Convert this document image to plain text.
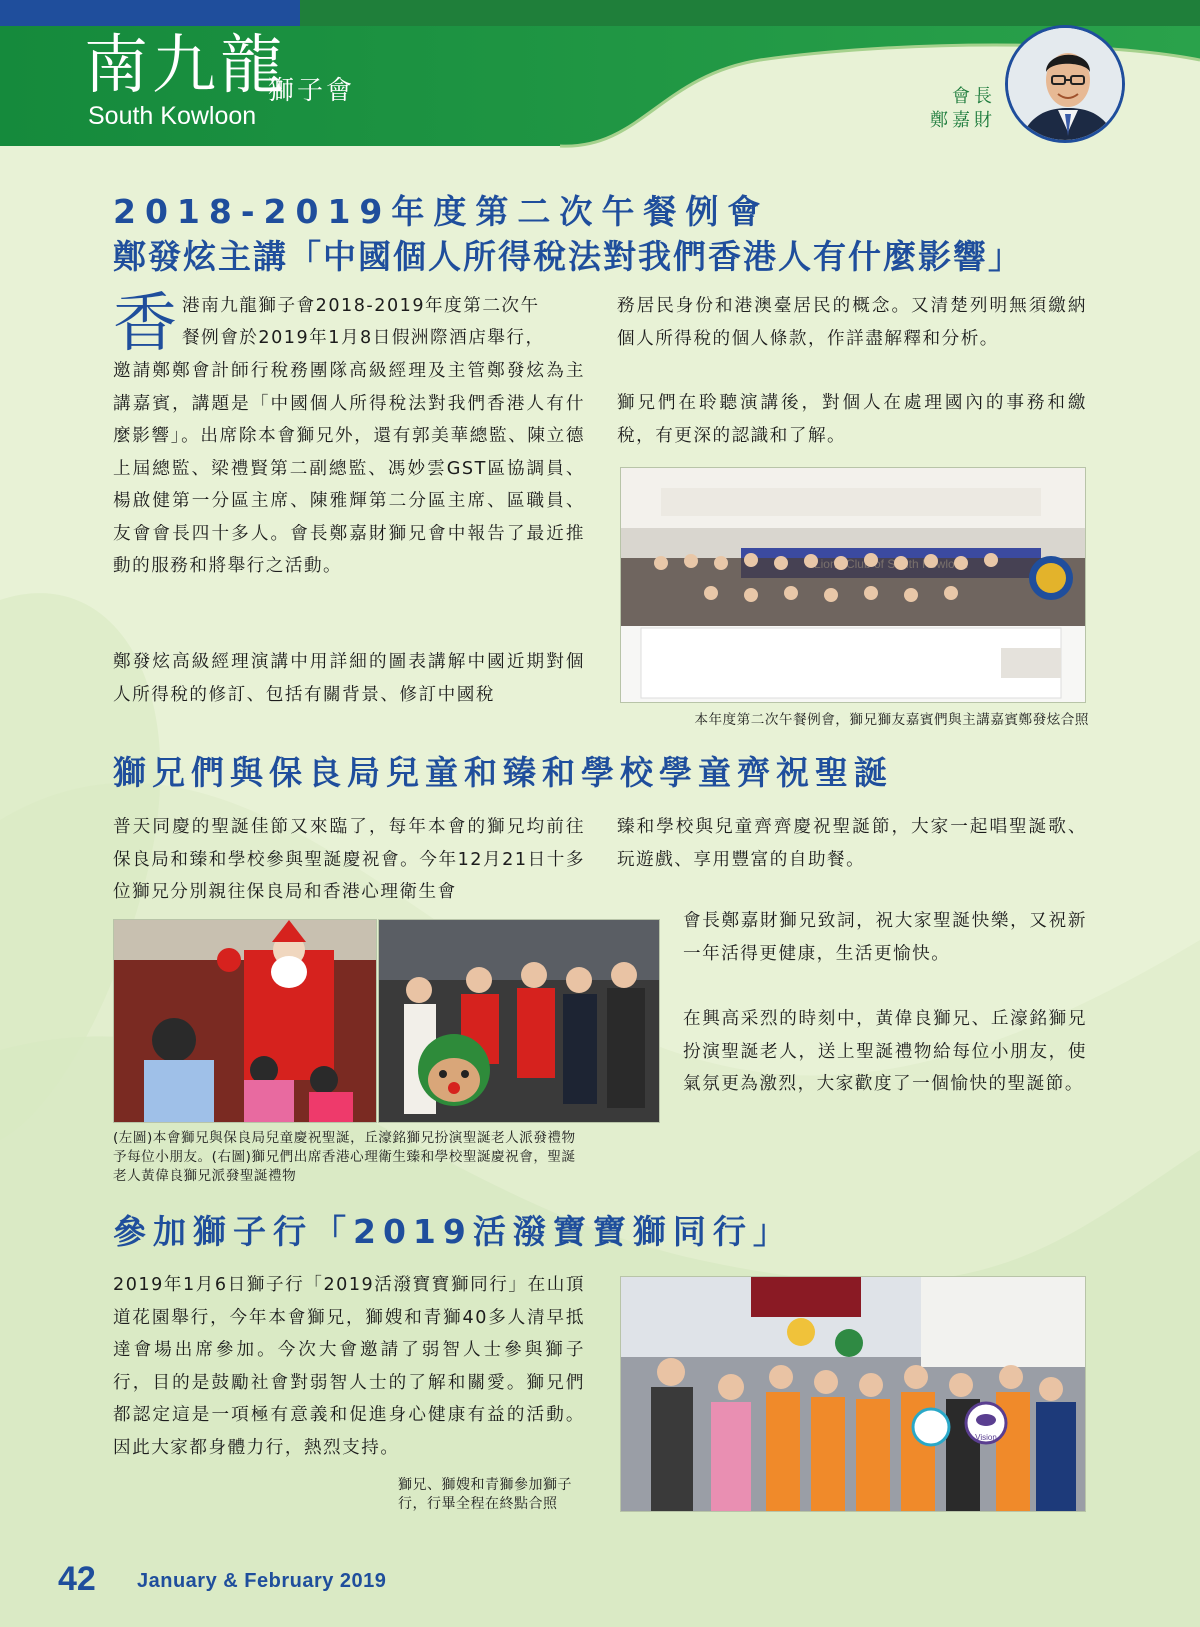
南九龍
獅子會
South Kowloon
會長
鄭嘉財
2018-2019年度第二次午餐例會
鄭發炫主講「中國個人所得稅法對我們香港人有什麼影響」
香 港南九龍獅子會2018-2019年度第二次午
餐例會於2019年1月8日假洲際酒店舉行，
邀請鄭鄭會計師行稅務團隊高級經理及主管鄭發炫為主講嘉賓，講題是「中國個人所得稅法對我們香港人有什麼影響」。出席除本會獅兄外，還有郭美華總監、陳立德上屆總監、梁禮賢第二副總監、馮妙雲GST區協調員、楊啟健第一分區主席、陳雅輝第二分區主席、區職員、友會會長四十多人。會長鄭嘉財獅兄會中報告了最近推動的服務和將舉行之活動。
鄭發炫高級經理演講中用詳細的圖表講解中國近期對個人所得稅的修訂、包括有關背景、修訂中國稅
務居民身份和港澳臺居民的概念。又清楚列明無須繳納個人所得稅的個人條款，作詳盡解釋和分析。
獅兄們在聆聽演講後，對個人在處理國內的事務和繳稅，有更深的認識和了解。
本年度第二次午餐例會，獅兄獅友嘉賓們與主講嘉賓鄭發炫合照
獅兄們與保良局兒童和臻和學校學童齊祝聖誕
普天同慶的聖誕佳節又來臨了，每年本會的獅兄均前往保良局和臻和學校參與聖誕慶祝會。今年12月21日十多位獅兄分別親往保良局和香港心理衛生會
臻和學校與兒童齊齊慶祝聖誕節，大家一起唱聖誕歌、玩遊戲、享用豐富的自助餐。
(左圖)本會獅兄與保良局兒童慶祝聖誕，丘濠銘獅兄扮演聖誕老人派發禮物
予每位小朋友。(右圖)獅兄們出席香港心理衛生臻和學校聖誕慶祝會，聖誕
老人黃偉良獅兄派發聖誕禮物
會長鄭嘉財獅兄致詞，祝大家聖誕快樂，又祝新一年活得更健康，生活更愉快。
在興高采烈的時刻中，黃偉良獅兄、丘濠銘獅兄扮演聖誕老人，送上聖誕禮物給每位小朋友，使氣氛更為激烈，大家歡度了一個愉快的聖誕節。
參加獅子行「2019活潑寶寶獅同行」
2019年1月6日獅子行「2019活潑寶寶獅同行」在山頂道花園舉行，今年本會獅兄，獅嫂和青獅40多人清早抵達會場出席參加。今次大會邀請了弱智人士參與獅子行，目的是鼓勵社會對弱智人士的了解和關愛。獅兄們都認定這是一項極有意義和促進身心健康有益的活動。因此大家都身體力行，熱烈支持。	Vision
獅兄、獅嫂和青獅參加獅子
行，行畢全程在終點合照
42 January & February 2019
